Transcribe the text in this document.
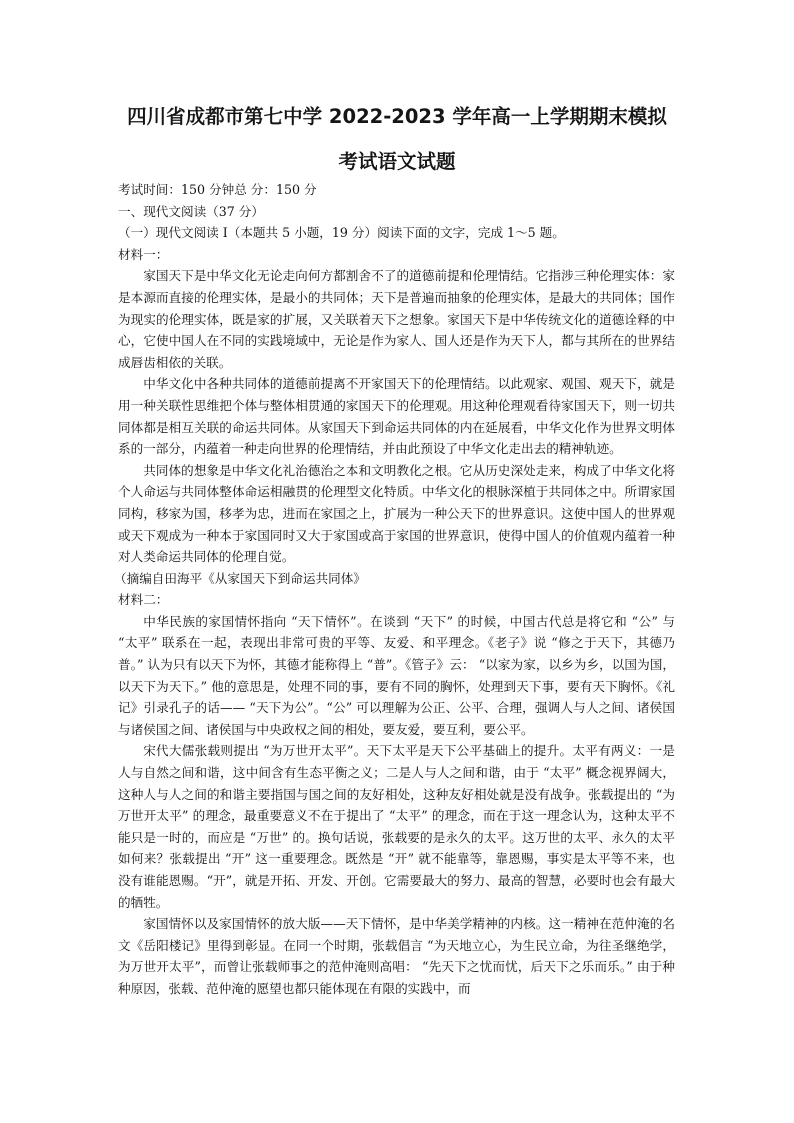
四川省成都市第七中学 2022-2023 学年高一上学期期末模拟
考试语文试题
考试时间：150 分钟总 分：150 分
一、现代文阅读（37 分）
（一）现代文阅读 I（本题共 5 小题，19 分）阅读下面的文字，完成 1～5 题。
材料一：

家国天下是中华文化无论走向何方都割舍不了的道德前提和伦理情结。它指涉三种伦理实体：家是本源而直接的伦理实体，是最小的共同体；天下是普遍而抽象的伦理实体，是最大的共同体；国作为现实的伦理实体，既是家的扩展，又关联着天下之想象。家国天下是中华传统文化的道德诠释的中心，它使中国人在不同的实践境域中，无论是作为家人、国人还是作为天下人，都与其所在的世界结成唇齿相依的关联。

中华文化中各种共同体的道德前提离不开家国天下的伦理情结。以此观家、观国、观天下，就是用一种关联性思维把个体与整体相贯通的家国天下的伦理观。用这种伦理观看待家国天下，则一切共同体都是相互关联的命运共同体。从家国天下到命运共同体的内在延展看，中华文化作为世界文明体系的一部分，内蕴着一种走向世界的伦理情结，并由此预设了中华文化走出去的精神轨迹。

共同体的想象是中华文化礼治德治之本和文明教化之根。它从历史深处走来，构成了中华文化将个人命运与共同体整体命运相融贯的伦理型文化特质。中华文化的根脉深植于共同体之中。所谓家国同构，移家为国，移孝为忠，进而在家国之上，扩展为一种公天下的世界意识。这使中国人的世界观或天下观成为一种本于家国同时又大于家国或高于家国的世界意识，使得中国人的价值观内蕴着一种对人类命运共同体的伦理自觉。

（摘编自田海平《从家国天下到命运共同体》
材料二：

中华民族的家国情怀指向 “天下情怀”。在谈到 “天下” 的时候，中国古代总是将它和 “公” 与 “太平” 联系在一起，表现出非常可贵的平等、友爱、和平理念。《老子》说 “修之于天下，其德乃普。” 认为只有以天下为怀，其德才能称得上 “普”。《管子》云： “以家为家，以乡为乡，以国为国，以天下为天下。” 他的意思是，处理不同的事，要有不同的胸怀，处理到天下事，要有天下胸怀。《礼记》引录孔子的话—— “天下为公”。“公” 可以理解为公正、公平、合理，强调人与人之间、诸侯国与诸侯国之间、诸侯国与中央政权之间的相处，要友爱，要互利，要公平。

宋代大儒张载则提出 “为万世开太平”。天下太平是天下公平基础上的提升。太平有两义：一是人与自然之间和谐，这中间含有生态平衡之义；二是人与人之间和谐，由于 “太平” 概念视界阔大，这种人与人之间的和谐主要指国与国之间的友好相处，这种友好相处就是没有战争。张载提出的 “为万世开太平” 的理念，最重要意义不在于提出了 “太平” 的理念，而在于这一理念认为，这种太平不能只是一时的，而应是 “万世” 的。换句话说，张载要的是永久的太平。这万世的太平、永久的太平如何来？张载提出 “开” 这一重要理念。既然是 “开” 就不能靠等，靠恩赐，事实是太平等不来，也没有谁能恩赐。“开”，就是开拓、开发、开创。它需要最大的努力、最高的智慧，必要时也会有最大的牺牲。

家国情怀以及家国情怀的放大版——天下情怀，是中华美学精神的内核。这一精神在范仲淹的名文《岳阳楼记》里得到彰显。在同一个时期，张载倡言 “为天地立心，为生民立命，为往圣继绝学，为万世开太平”，而曾让张载师事之的范仲淹则高唱： “先天下之忧而忧，后天下之乐而乐。” 由于种种原因，张载、范仲淹的愿望也都只能体现在有限的实践中，而
